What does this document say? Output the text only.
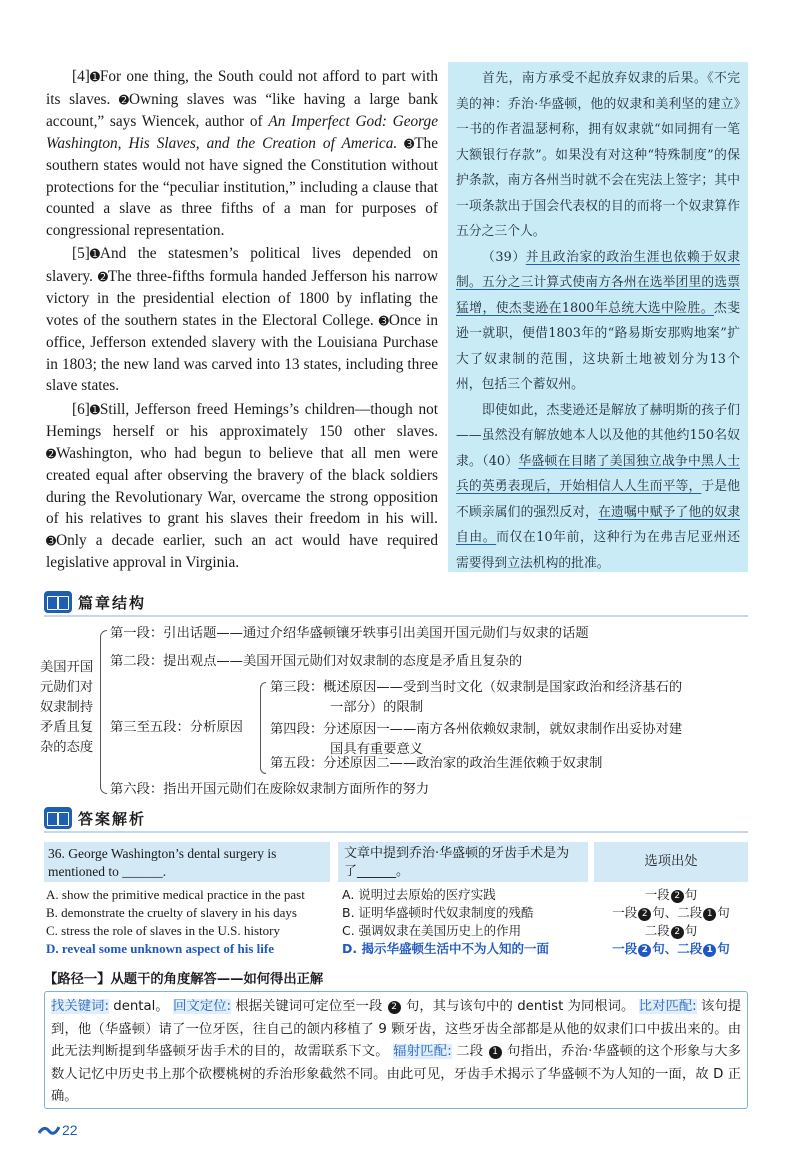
[4]➊For one thing, the South could not afford to part with its slaves. ➋Owning slaves was “like having a large bank account,” says Wiencek, author of An Imperfect God: George Washington, His Slaves, and the Creation of America. ➌The southern states would not have signed the Constitution without protections for the “peculiar institution,” including a clause that counted a slave as three fifths of a man for purposes of congressional representation.

[5]➊And the statesmen’s political lives depended on slavery. ➋The three-fifths formula handed Jefferson his narrow victory in the presidential election of 1800 by inflating the votes of the southern states in the Electoral College. ➌Once in office, Jefferson extended slavery with the Louisiana Purchase in 1803; the new land was carved into 13 states, including three slave states.

[6]➊Still, Jefferson freed Hemings’s children—though not Hemings herself or his approximately 150 other slaves. ➋Washington, who had begun to believe that all men were created equal after observing the bravery of the black soldiers during the Revolutionary War, overcame the strong opposition of his relatives to grant his slaves their freedom in his will. ➌Only a decade earlier, such an act would have required legislative approval in Virginia.

首先，南方承受不起放弃奴隶的后果。《不完美的神：乔治·华盛顿，他的奴隶和美利坚的建立》一书的作者温瑟柯称，拥有奴隶就“如同拥有一笔大额银行存款”。如果没有对这种“特殊制度”的保护条款，南方各州当时就不会在宪法上签字；其中一项条款出于国会代表权的目的而将一个奴隶算作五分之三个人。

（39）并且政治家的政治生涯也依赖于奴隶制。五分之三计算式使南方各州在选举团里的选票猛增，使杰斐逊在1800年总统大选中险胜。杰斐逊一就职，便借1803年的“路易斯安那购地案”扩大了奴隶制的范围，这块新土地被划分为13个州，包括三个蓄奴州。

即使如此，杰斐逊还是解放了赫明斯的孩子们——虽然没有解放她本人以及他的其他约150名奴隶。（40）华盛顿在目睹了美国独立战争中黑人士兵的英勇表现后，开始相信人人生而平等，于是他不顾亲属们的强烈反对，在遗嘱中赋予了他的奴隶自由。而仅在10年前，这种行为在弗吉尼亚州还需要得到立法机构的批准。

篇章结构
美国开国元勋们对奴隶制持矛盾且复杂的态度
第一段：引出话题——通过介绍华盛顿镶牙轶事引出美国开国元勋们与奴隶的话题
第二段：提出观点——美国开国元勋们对奴隶制的态度是矛盾且复杂的
第三至五段：分析原因
第三段：概述原因——受到当时文化（奴隶制是国家政治和经济基石的
一部分）的限制
第四段：分述原因一——南方各州依赖奴隶制，就奴隶制作出妥协对建
国具有重要意义
第五段：分述原因二——政治家的政治生涯依赖于奴隶制
第六段：指出开国元勋们在废除奴隶制方面所作的努力
答案解析
36. George Washington’s dental surgery is mentioned to ______.
文章中提到乔治·华盛顿的牙齿手术是为了______。
选项出处
A. show the primitive medical practice in the past
B. demonstrate the cruelty of slavery in his days
C. stress the role of slaves in the U.S. history
D. reveal some unknown aspect of his life
A. 说明过去原始的医疗实践
B. 证明华盛顿时代奴隶制度的残酷
C. 强调奴隶在美国历史上的作用
D. 揭示华盛顿生活中不为人知的一面
一段 2 句
一段 2 句、二段 1 句
二段 2 句
一段 2 句、二段 1 句
【路径一】从题干的角度解答——如何得出正解
找关键词: dental。 回文定位: 根据关键词可定位至一段 2 句，其与该句中的 dentist 为同根词。 比对匹配: 该句提到，他（华盛顿）请了一位牙医，往自己的颌内移植了 9 颗牙齿，这些牙齿全部都是从他的奴隶们口中拔出来的。由此无法判断提到华盛顿牙齿手术的目的，故需联系下文。 辐射匹配: 二段 1 句指出，乔治·华盛顿的这个形象与大多数人记忆中历史书上那个砍樱桃树的乔治形象截然不同。由此可见，牙齿手术揭示了华盛顿不为人知的一面，故 D 正确。
22
